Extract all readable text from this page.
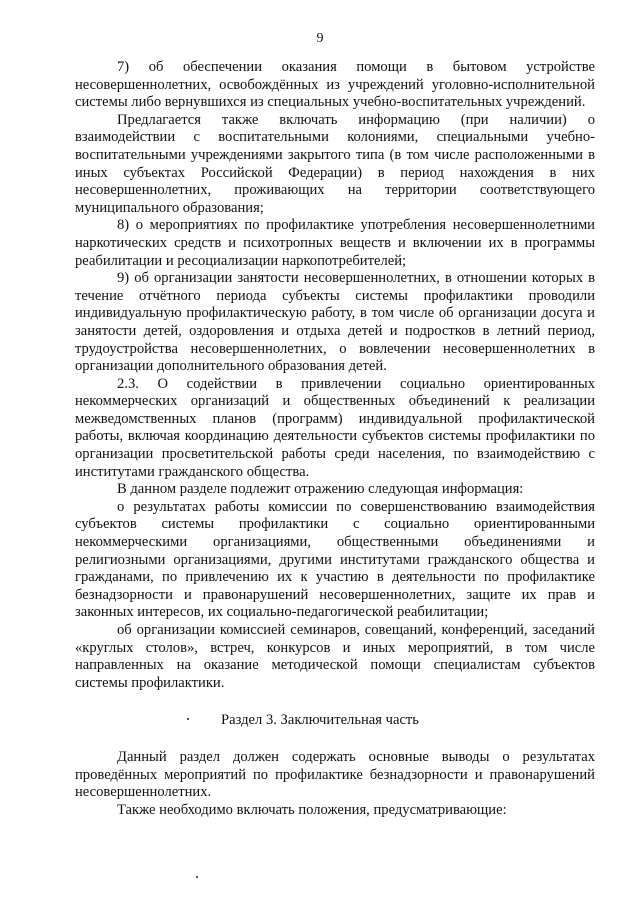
9

7) об обеспечении оказания помощи в бытовом устройстве несовершеннолетних, освобождённых из учреждений уголовно-исполнительной системы либо вернувшихся из специальных учебно-воспитательных учреждений.

Предлагается также включать информацию (при наличии) о взаимодействии с воспитательными колониями, специальными учебно-воспитательными учреждениями закрытого типа (в том числе расположенными в иных субъектах Российской Федерации) в период нахождения в них несовершеннолетних, проживающих на территории соответствующего муниципального образования;

8) о мероприятиях по профилактике употребления несовершеннолетними наркотических средств и психотропных веществ и включении их в программы реабилитации и ресоциализации наркопотребителей;

9) об организации занятости несовершеннолетних, в отношении которых в течение отчётного периода субъекты системы профилактики проводили индивидуальную профилактическую работу, в том числе об организации досуга и занятости детей, оздоровления и отдыха детей и подростков в летний период, трудоустройства несовершеннолетних, о вовлечении несовершеннолетних в организации дополнительного образования детей.

2.3. О содействии в привлечении социально ориентированных некоммерческих организаций и общественных объединений к реализации межведомственных планов (программ) индивидуальной профилактической работы, включая координацию деятельности субъектов системы профилактики по организации просветительской работы среди населения, по взаимодействию с институтами гражданского общества.

В данном разделе подлежит отражению следующая информация:

о результатах работы комиссии по совершенствованию взаимодействия субъектов системы профилактики с социально ориентированными некоммерческими организациями, общественными объединениями и религиозными организациями, другими институтами гражданского общества и гражданами, по привлечению их к участию в деятельности по профилактике безнадзорности и правонарушений несовершеннолетних, защите их прав и законных интересов, их социально-педагогической реабилитации;

об организации комиссией семинаров, совещаний, конференций, заседаний «круглых столов», встреч, конкурсов и иных мероприятий, в том числе направленных на оказание методической помощи специалистам субъектов системы профилактики.

Раздел 3. Заключительная часть

Данный раздел должен содержать основные выводы о результатах проведённых мероприятий по профилактике безнадзорности и правонарушений несовершеннолетних.

Также необходимо включать положения, предусматривающие:
